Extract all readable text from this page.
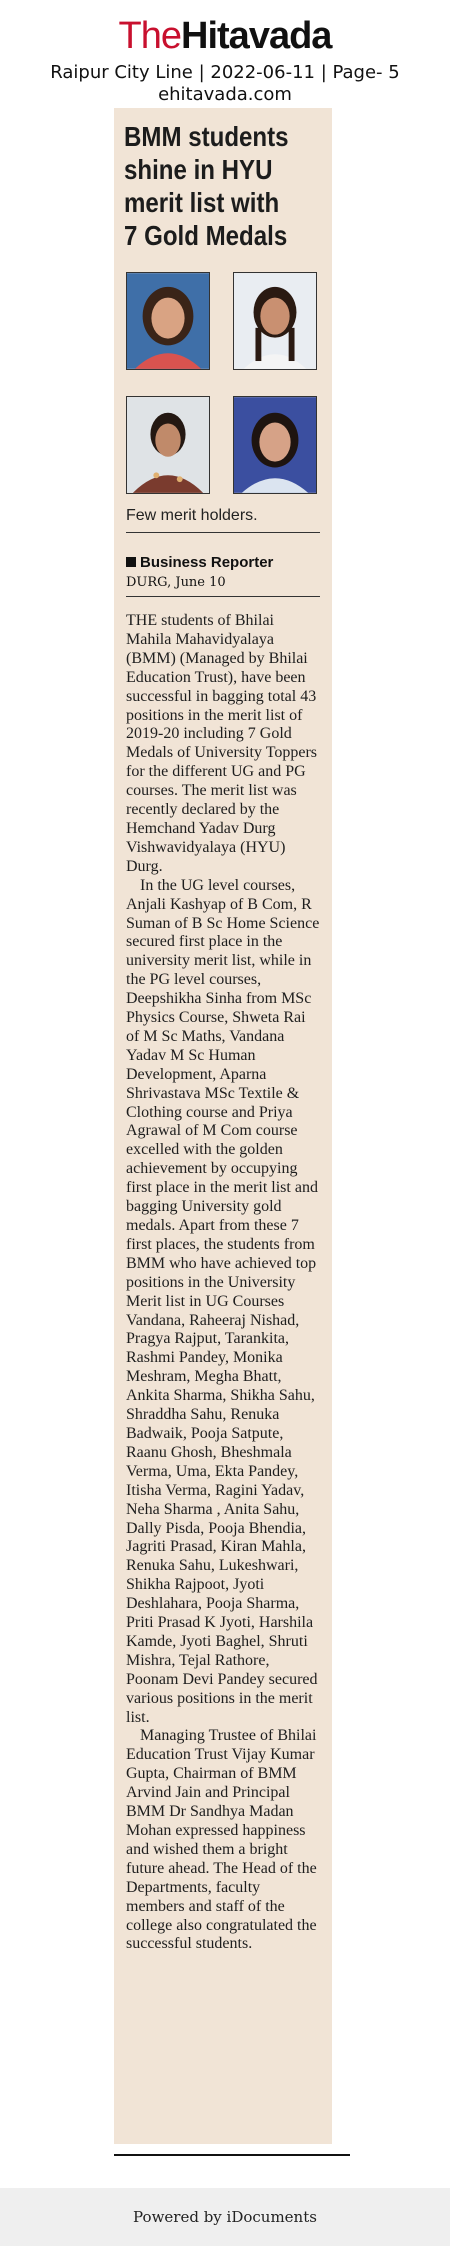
TheHitavada
Raipur City Line | 2022-06-11 | Page- 5
ehitavada.com
BMM students
shine in HYU
merit list with
7 Gold Medals
Few merit holders.
Business Reporter
DURG, June 10

THE students of Bhilai Mahila Mahavidyalaya (BMM) (Managed by Bhilai Education Trust), have been successful in bagging total 43 positions in the merit list of 2019-20 including 7 Gold Medals of University Toppers for the different UG and PG courses. The merit list was recently declared by the Hemchand Yadav Durg Vishwavidyalaya (HYU) Durg.

In the UG level courses, Anjali Kashyap of B Com, R Suman of B Sc Home Science secured first place in the university merit list, while in the PG level courses, Deepshikha Sinha from MSc Physics Course, Shweta Rai of M Sc Maths, Vandana Yadav M Sc Human Development, Aparna Shrivastava MSc Textile & Clothing course and Priya Agrawal of M Com course excelled with the golden achievement by occupying first place in the merit list and bagging University gold medals. Apart from these 7 first places, the students from BMM who have achieved top positions in the University Merit list in UG Courses Vandana, Raheeraj Nishad, Pragya Rajput, Tarankita, Rashmi Pandey, Monika Meshram, Megha Bhatt, Ankita Sharma, Shikha Sahu, Shraddha Sahu, Renuka Badwaik, Pooja Satpute, Raanu Ghosh, Bheshmala Verma, Uma, Ekta Pandey, Itisha Verma, Ragini Yadav, Neha Sharma , Anita Sahu, Dally Pisda, Pooja Bhendia, Jagriti Prasad, Kiran Mahla, Renuka Sahu, Lukeshwari, Shikha Rajpoot, Jyoti Deshlahara, Pooja Sharma, Priti Prasad K Jyoti, Harshila Kamde, Jyoti Baghel, Shruti Mishra, Tejal Rathore, Poonam Devi Pandey secured various positions in the merit list.

Managing Trustee of Bhilai Education Trust Vijay Kumar Gupta, Chairman of BMM Arvind Jain and Principal BMM Dr Sandhya Madan Mohan expressed happiness and wished them a bright future ahead. The Head of the Departments, faculty members and staff of the college also congratulated the successful students.

Powered by iDocuments
